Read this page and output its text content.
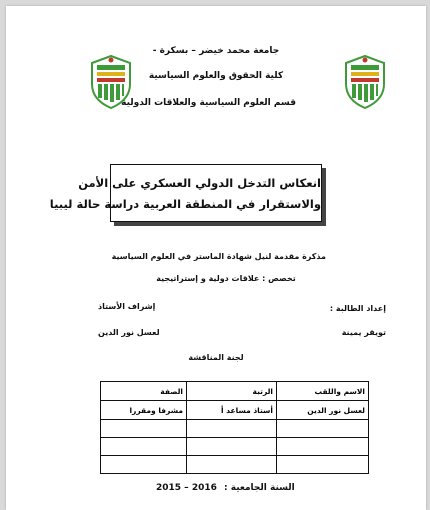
جامعة محمد خيضر – بسكرة -
كلية الحقوق والعلوم السياسية
قسم العلوم السياسية والعلاقات الدولية
انعكاس التدخل الدولي العسكري على الأمن
والاستقرار في المنطقة العربية دراسة حالة ليبيا
مذكرة مقدمة لنيل شهادة الماستر في العلوم السياسية
تخصص : علاقات دولية و إستراتيجية
إعداد الطالبة :
إشراف الأستاذ
تويقر يمينة
لعسل نور الدين
لجنة المناقشة
الاسم واللقب	الرتبة	الصفة
لعسل نور الدين	أستاذ مساعد أ	مشرفا ومقررا

السنة الجامعية : 2015 – 2016
